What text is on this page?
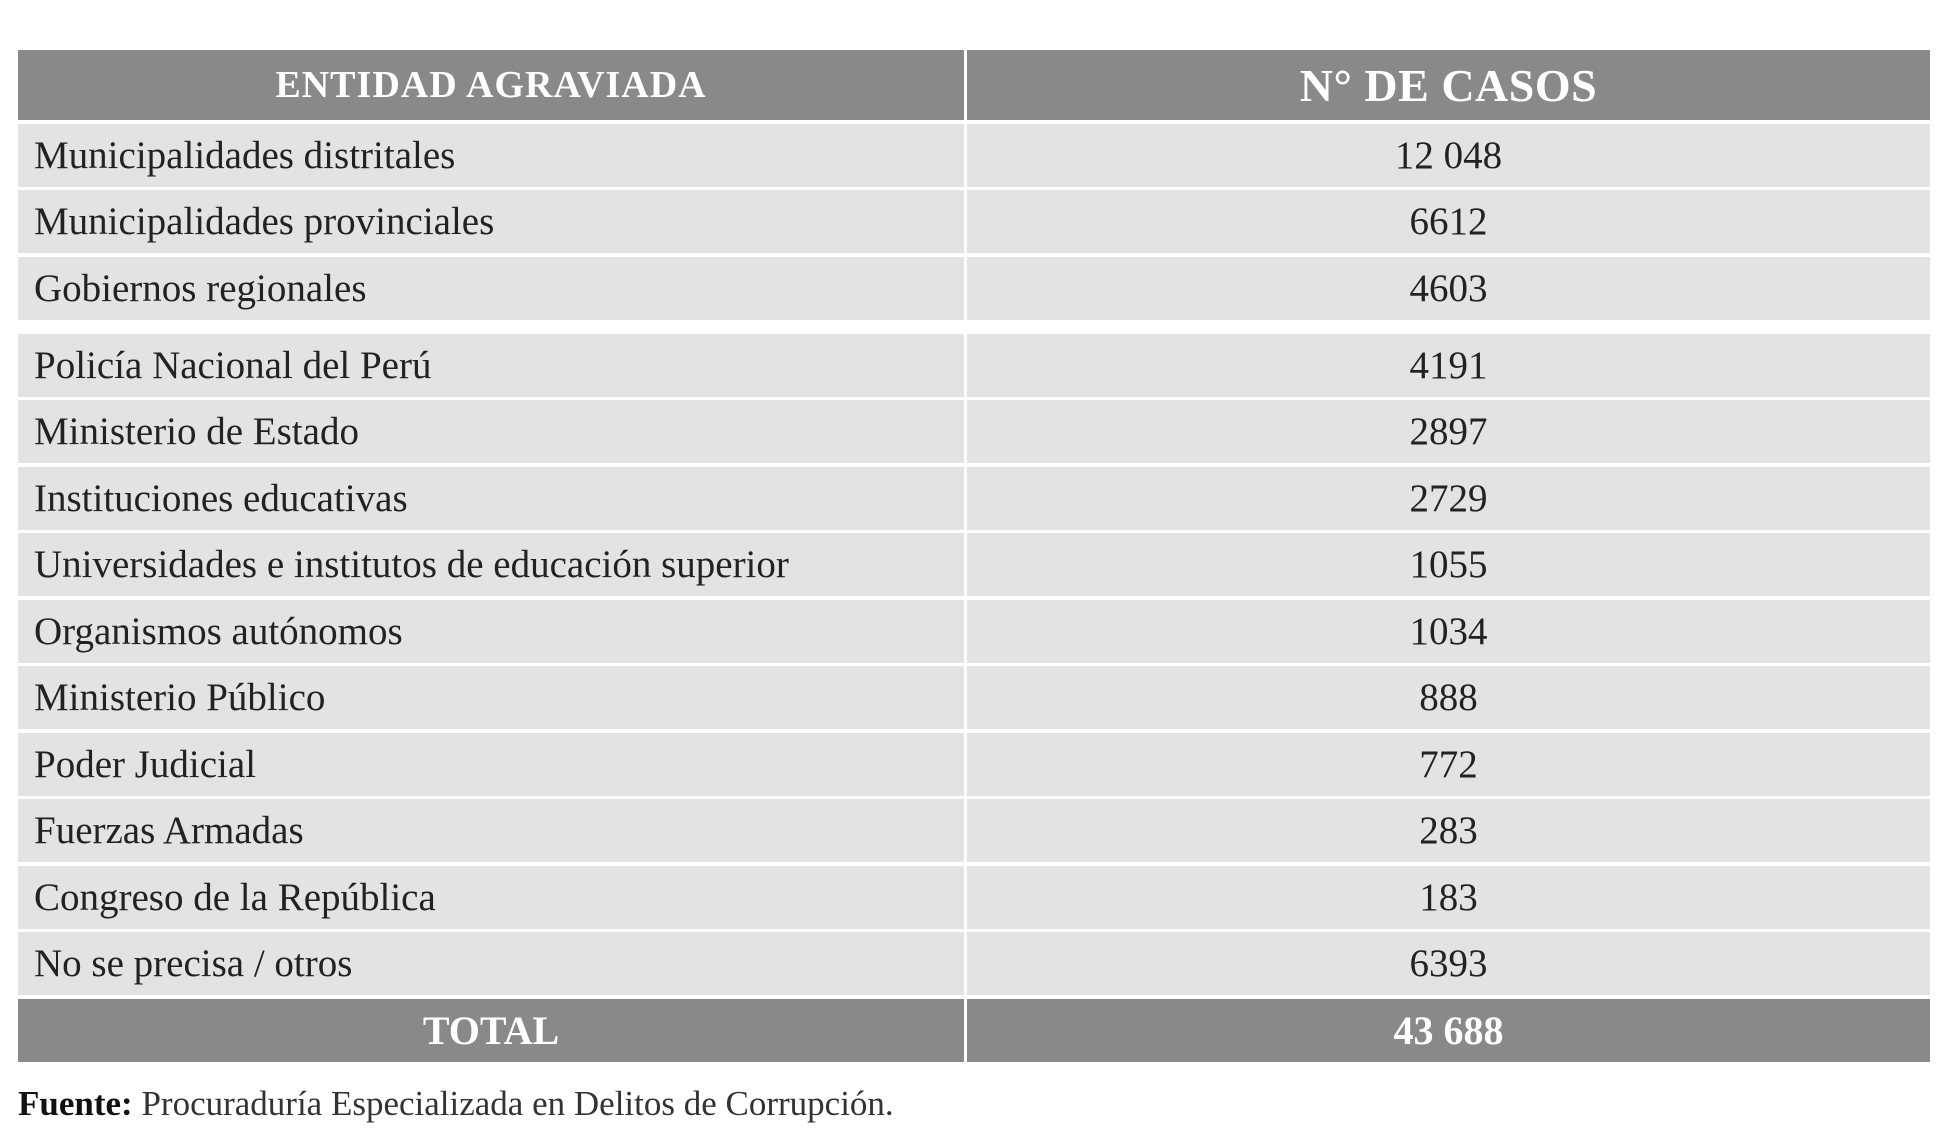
ENTIDAD AGRAVIADA	N° DE CASOS
Municipalidades distritales	12 048
Municipalidades provinciales	6612
Gobiernos regionales	4603
Policía Nacional del Perú	4191
Ministerio de Estado	2897
Instituciones educativas	2729
Universidades e institutos de educación superior	1055
Organismos autónomos	1034
Ministerio Público	888
Poder Judicial	772
Fuerzas Armadas	283
Congreso de la República	183
No se precisa / otros	6393
TOTAL	43 688
Fuente: Procuraduría Especializada en Delitos de Corrupción.
